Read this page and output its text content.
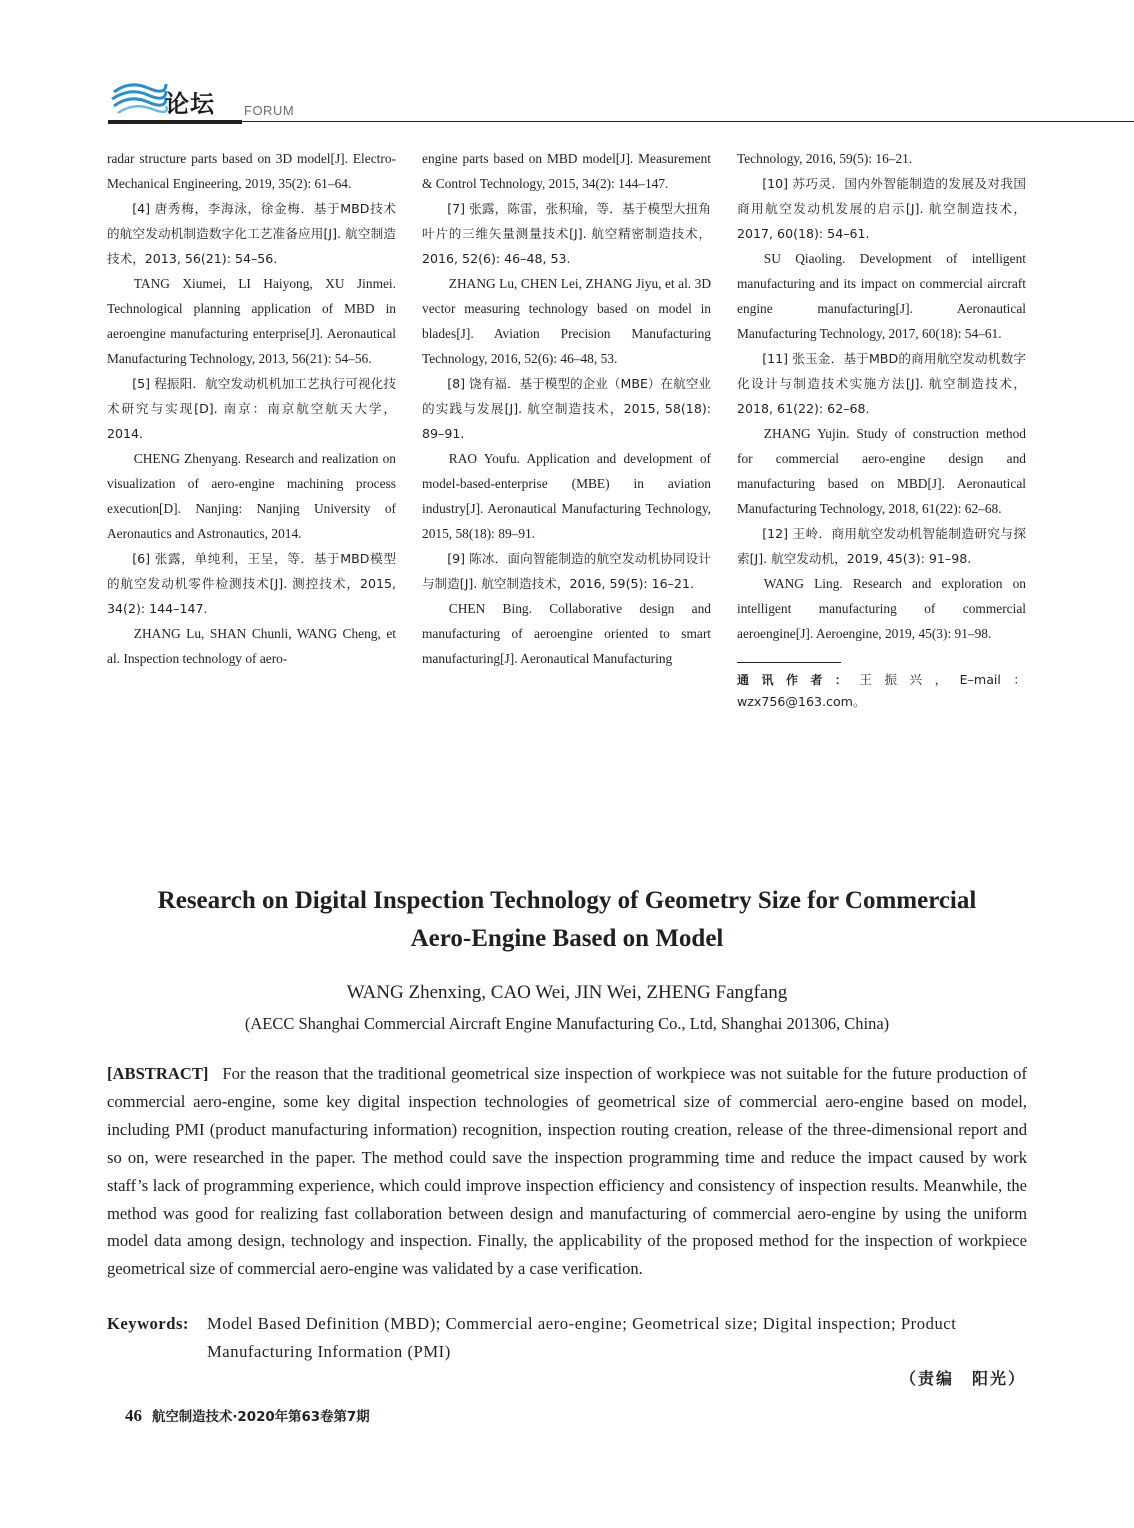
论坛 FORUM

radar structure parts based on 3D model[J]. Electro-Mechanical Engineering, 2019, 35(2): 61–64.

[4] 唐秀梅，李海泳，徐金梅．基于MBD技术的航空发动机制造数字化工艺准备应用[J]. 航空制造技术，2013, 56(21): 54–56.

TANG Xiumei, LI Haiyong, XU Jinmei. Technological planning application of MBD in aeroengine manufacturing enterprise[J]. Aeronautical Manufacturing Technology, 2013, 56(21): 54–56.

[5] 程振阳．航空发动机机加工艺执行可视化技术研究与实现[D]. 南京：南京航空航天大学，2014.

CHENG Zhenyang. Research and realization on visualization of aero-engine machining process execution[D]. Nanjing: Nanjing University of Aeronautics and Astronautics, 2014.

[6] 张露，单纯利，王呈，等．基于MBD模型的航空发动机零件检测技术[J]. 测控技术，2015, 34(2): 144–147.

ZHANG Lu, SHAN Chunli, WANG Cheng, et al. Inspection technology of aero-

engine parts based on MBD model[J]. Measurement & Control Technology, 2015, 34(2): 144–147.

[7] 张露，陈雷，张积瑜，等．基于模型大扭角叶片的三维矢量测量技术[J]. 航空精密制造技术，2016, 52(6): 46–48, 53.

ZHANG Lu, CHEN Lei, ZHANG Jiyu, et al. 3D vector measuring technology based on model in blades[J]. Aviation Precision Manufacturing Technology, 2016, 52(6): 46–48, 53.

[8] 饶有福．基于模型的企业（MBE）在航空业的实践与发展[J]. 航空制造技术，2015, 58(18): 89–91.

RAO Youfu. Application and development of model-based-enterprise (MBE) in aviation industry[J]. Aeronautical Manufacturing Technology, 2015, 58(18): 89–91.

[9] 陈冰．面向智能制造的航空发动机协同设计与制造[J]. 航空制造技术，2016, 59(5): 16–21.

CHEN Bing. Collaborative design and manufacturing of aeroengine oriented to smart manufacturing[J]. Aeronautical Manufacturing

Technology, 2016, 59(5): 16–21.

[10] 苏巧灵．国内外智能制造的发展及对我国商用航空发动机发展的启示[J]. 航空制造技术，2017, 60(18): 54–61.

SU Qiaoling. Development of intelligent manufacturing and its impact on commercial aircraft engine manufacturing[J]. Aeronautical Manufacturing Technology, 2017, 60(18): 54–61.

[11] 张玉金．基于MBD的商用航空发动机数字化设计与制造技术实施方法[J]. 航空制造技术，2018, 61(22): 62–68.

ZHANG Yujin. Study of construction method for commercial aero-engine design and manufacturing based on MBD[J]. Aeronautical Manufacturing Technology, 2018, 61(22): 62–68.

[12] 王岭．商用航空发动机智能制造研究与探索[J]. 航空发动机，2019, 45(3): 91–98.

WANG Ling. Research and exploration on intelligent manufacturing of commercial aeroengine[J]. Aeroengine, 2019, 45(3): 91–98.

通讯作者：王振兴，E–mail：wzx756@163.com。
Research on Digital Inspection Technology of Geometry Size for Commercial
Aero-Engine Based on Model
WANG Zhenxing, CAO Wei, JIN Wei, ZHENG Fangfang
(AECC Shanghai Commercial Aircraft Engine Manufacturing Co., Ltd, Shanghai 201306, China)

[ABSTRACT] For the reason that the traditional geometrical size inspection of workpiece was not suitable for the future production of commercial aero-engine, some key digital inspection technologies of geometrical size of commercial aero-engine based on model, including PMI (product manufacturing information) recognition, inspection routing creation, release of the three-dimensional report and so on, were researched in the paper. The method could save the inspection programming time and reduce the impact caused by work staff’s lack of programming experience, which could improve inspection efficiency and consistency of inspection results. Meanwhile, the method was good for realizing fast collaboration between design and manufacturing of commercial aero-engine by using the uniform model data among design, technology and inspection. Finally, the applicability of the proposed method for the inspection of workpiece geometrical size of commercial aero-engine was validated by a case verification.

Keywords: Model Based Definition (MBD); Commercial aero-engine; Geometrical size; Digital inspection; Product Manufacturing Information (PMI)
（责编　阳光）
46 航空制造技术·2020年第63卷第7期
